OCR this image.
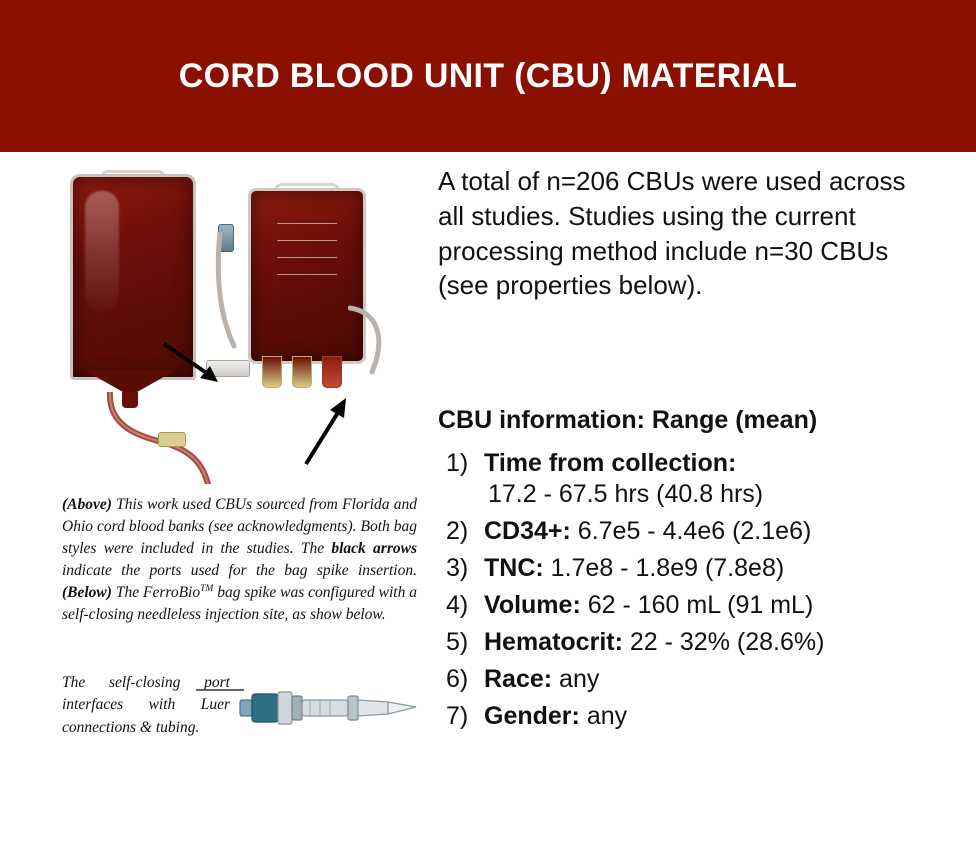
CORD BLOOD UNIT (CBU) MATERIAL
(Above) This work used CBUs sourced from Florida and Ohio cord blood banks (see acknowledgments). Both bag styles were included in the studies. The black arrows indicate the ports used for the bag spike insertion. (Below) The FerroBio™ bag spike was configured with a self-closing needleless injection site, as show below.
The self-closing port interfaces with Luer connections & tubing.
A total of n=206 CBUs were used across all studies. Studies using the current processing method include n=30 CBUs (see properties below).
CBU information: Range (mean)
1) Time from collection:
17.2 - 67.5 hrs (40.8 hrs)
2) CD34+: 6.7e5 - 4.4e6 (2.1e6)
3) TNC: 1.7e8 - 1.8e9 (7.8e8)
4) Volume: 62 - 160 mL (91 mL)
5) Hematocrit: 22 - 32% (28.6%)
6) Race: any
7) Gender: any
